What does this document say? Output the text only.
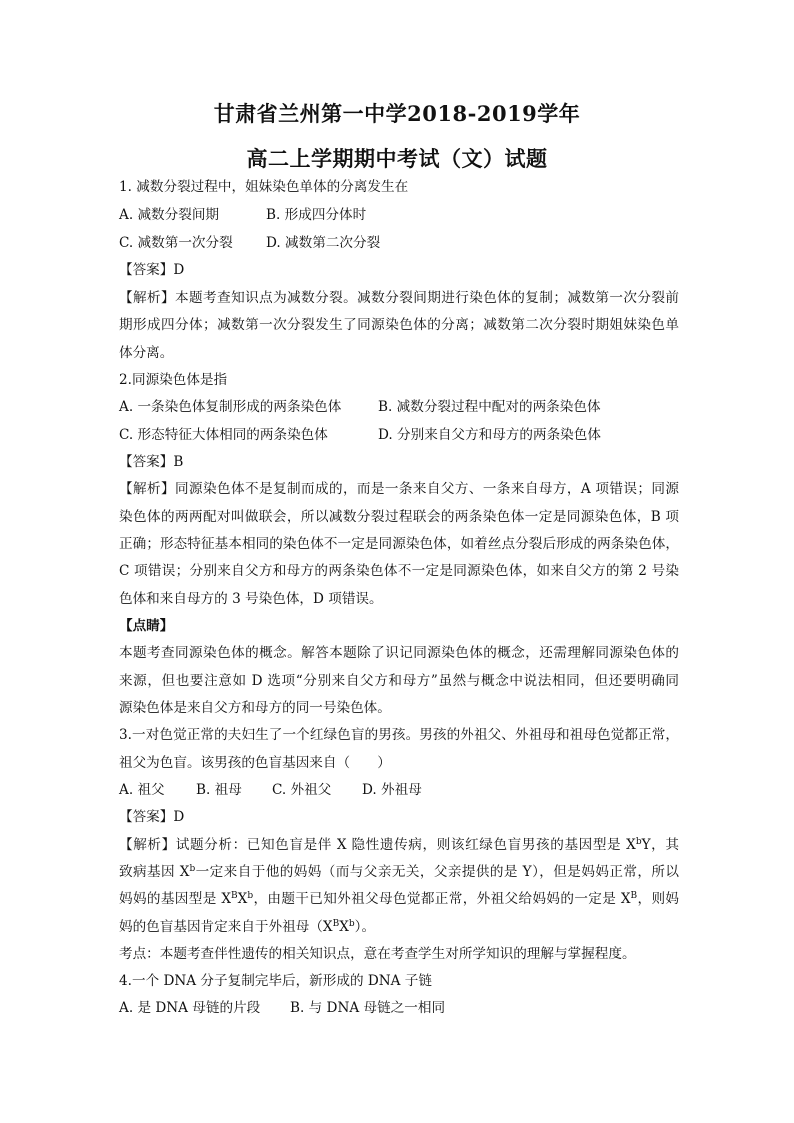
甘肃省兰州第一中学2018-2019学年
高二上学期期中考试（文）试题
1. 减数分裂过程中，姐妹染色单体的分离发生在
A. 减数分裂间期	B. 形成四分体时
C. 减数第一次分裂 D. 减数第二次分裂
【答案】D
【解析】本题考查知识点为减数分裂。减数分裂间期进行染色体的复制；减数第一次分裂前
期形成四分体；减数第一次分裂发生了同源染色体的分离；减数第二次分裂时期姐妹染色单
体分离。
2.同源染色体是指
A. 一条染色体复制形成的两条染色体	B. 减数分裂过程中配对的两条染色体
C. 形态特征大体相同的两条染色体	D. 分别来自父方和母方的两条染色体
【答案】B
【解析】同源染色体不是复制而成的，而是一条来自父方、一条来自母方，A 项错误；同源
染色体的两两配对叫做联会，所以减数分裂过程联会的两条染色体一定是同源染色体，B 项
正确；形态特征基本相同的染色体不一定是同源染色体，如着丝点分裂后形成的两条染色体，
C 项错误；分别来自父方和母方的两条染色体不一定是同源染色体，如来自父方的第 2 号染
色体和来自母方的 3 号染色体，D 项错误。
【点睛】
本题考查同源染色体的概念。解答本题除了识记同源染色体的概念，还需理解同源染色体的
来源，但也要注意如 D 选项“分别来自父方和母方”虽然与概念中说法相同，但还要明确同
源染色体是来自父方和母方的同一号染色体。
3.一对色觉正常的夫妇生了一个红绿色盲的男孩。男孩的外祖父、外祖母和祖母色觉都正常，
祖父为色盲。该男孩的色盲基因来自（　　）
A. 祖父 B. 祖母 C. 外祖父 D. 外祖母
【答案】D
【解析】试题分析：已知色盲是伴 X 隐性遗传病，则该红绿色盲男孩的基因型是 $X^bY$，其
致病基因 $X^b$一定来自于他的妈妈（而与父亲无关，父亲提供的是 Y），但是妈妈正常，所以
妈妈的基因型是 $X^BX^b$，由题干已知外祖父母色觉都正常，外祖父给妈妈的一定是 $X^B$，则妈
妈的色盲基因肯定来自于外祖母$(X^BX^b)$。
考点：本题考查伴性遗传的相关知识点，意在考查学生对所学知识的理解与掌握程度。
4.一个 DNA 分子复制完毕后，新形成的 DNA 子链
A. 是 DNA 母链的片段 B. 与 DNA 母链之一相同
